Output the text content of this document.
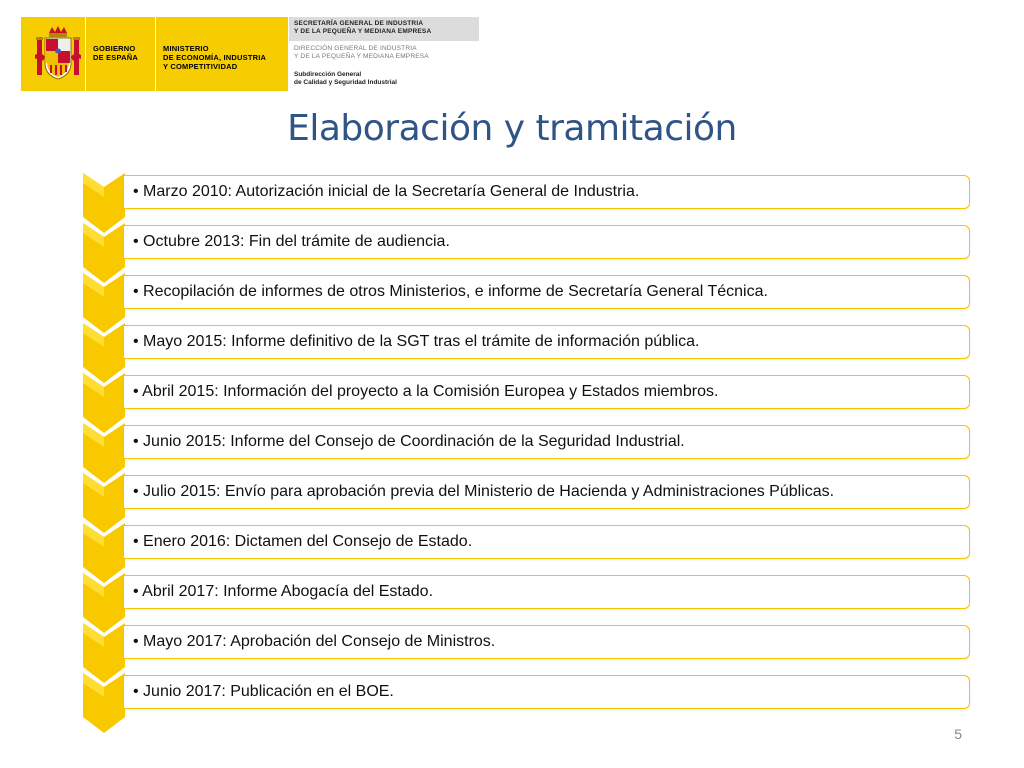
GOBIERNO
DE ESPAÑA
MINISTERIO
DE ECONOMÍA, INDUSTRIA
Y COMPETITIVIDAD
SECRETARÍA GENERAL DE INDUSTRIA
Y DE LA PEQUEÑA Y MEDIANA EMPRESA
DIRECCIÓN GENERAL DE INDUSTRIA
Y DE LA PEQUEÑA Y MEDIANA EMPRESA
Subdirección General
de Calidad y Seguridad Industrial
Elaboración y tramitación
• Marzo 2010: Autorización inicial de la Secretaría General de Industria.
• Octubre 2013: Fin del trámite de audiencia.
• Recopilación de informes de otros Ministerios, e informe de Secretaría General Técnica.
• Mayo 2015: Informe definitivo de la SGT tras el trámite de información pública.
• Abril 2015: Información del proyecto a la Comisión Europea y Estados miembros.
• Junio 2015: Informe del Consejo de Coordinación de la Seguridad Industrial.
• Julio 2015: Envío para aprobación previa del Ministerio de Hacienda y Administraciones Públicas.
• Enero 2016: Dictamen del Consejo de Estado.
• Abril 2017: Informe Abogacía del Estado.
• Mayo 2017: Aprobación del Consejo de Ministros.
• Junio 2017: Publicación en el BOE.
5
